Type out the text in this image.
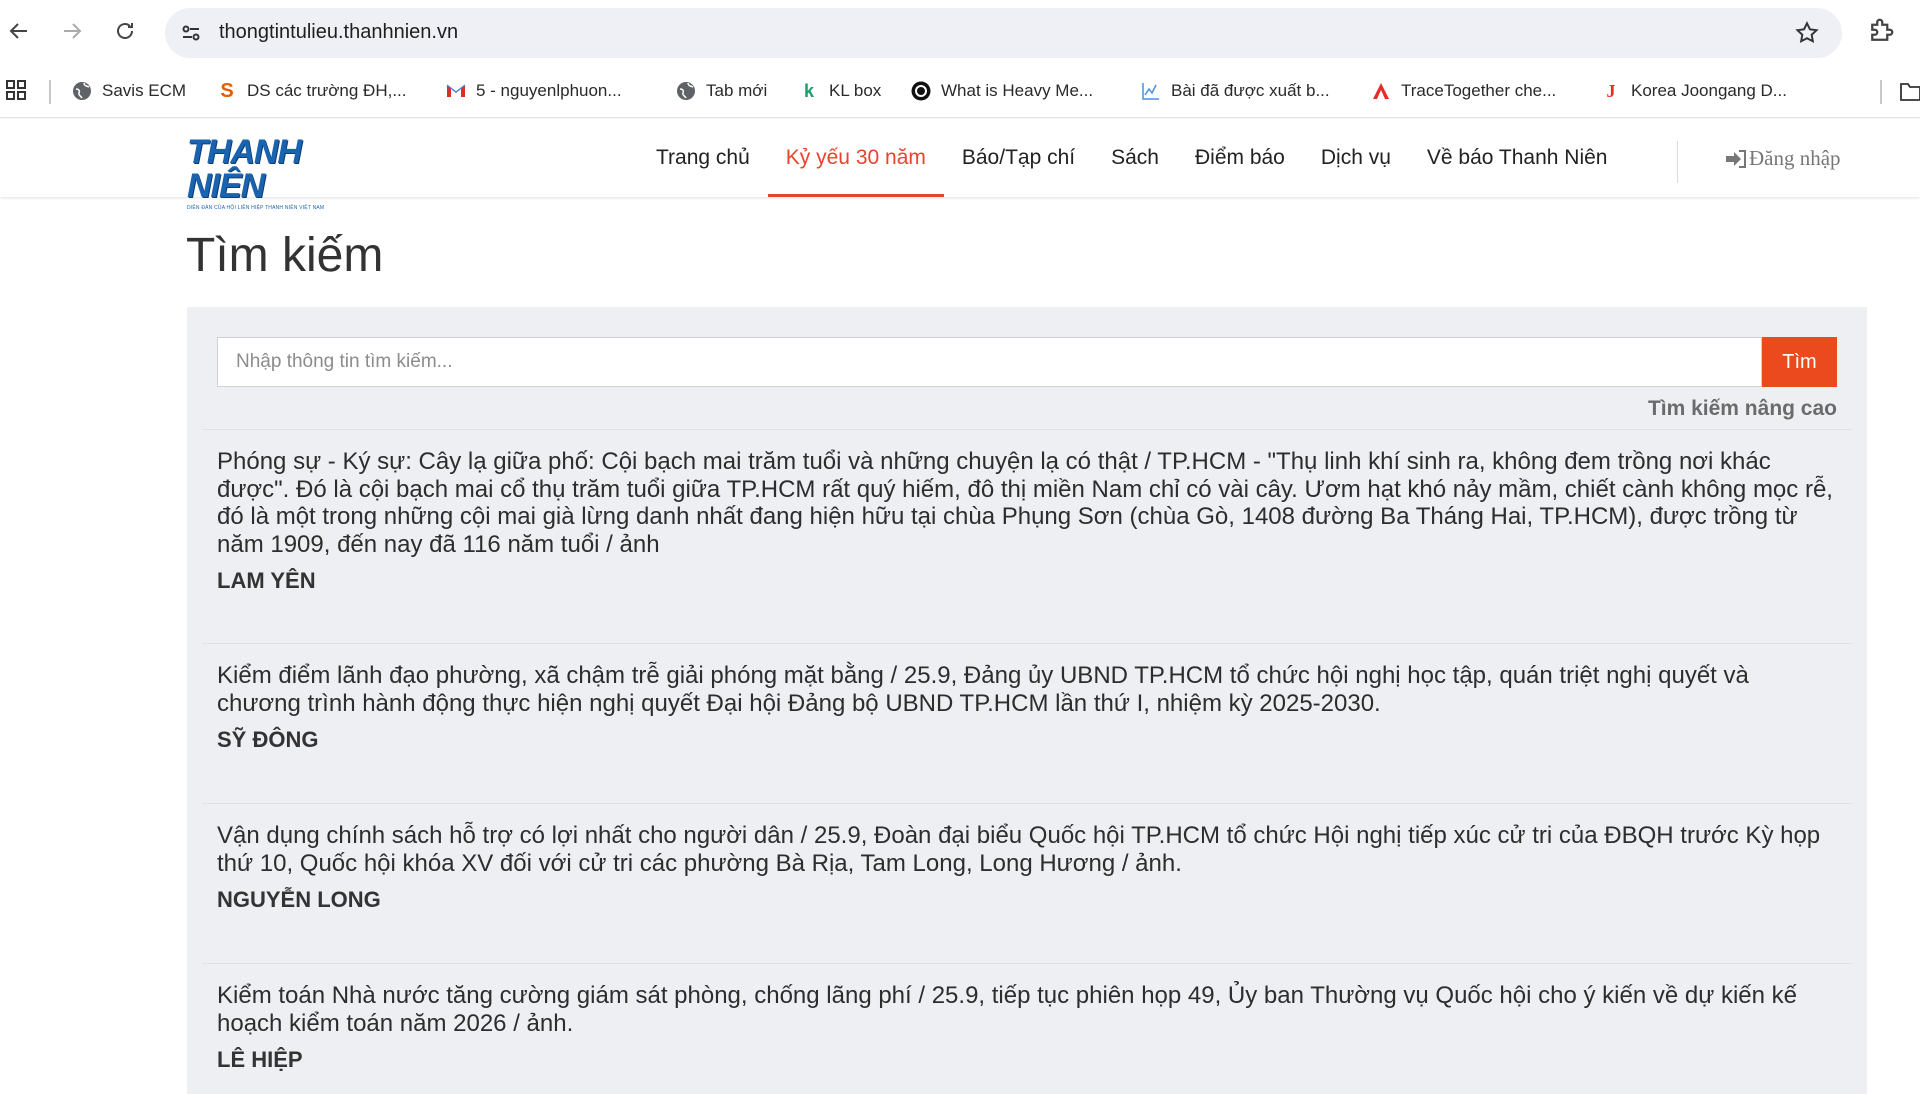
thongtintulieu.thanhnien.vn
Savis ECM S DS các trường ĐH,...	5 - nguyenlphuon...	Tab mới k KL box	What is Heavy Me...	Bài đã được xuất b...	TraceTogether che...	J Korea Joongang D...
THANH NIÊN
DIỄN ĐÀN CỦA HỘI LIÊN HIỆP THANH NIÊN VIỆT NAM
Trang chủ	Kỷ yếu 30 năm	Báo/Tạp chí	Sách	Điểm báo	Dịch vụ	Về báo Thanh Niên	Đăng nhập
Tìm kiếm
Nhập thông tin tìm kiếm...
Tìm
Tìm kiếm nâng cao
Phóng sự - Ký sự: Cây lạ giữa phố: Cội bạch mai trăm tuổi và những chuyện lạ có thật / TP.HCM - "Thụ linh khí sinh ra, không đem trồng nơi khác được". Đó là cội bạch mai cổ thụ trăm tuổi giữa TP.HCM rất quý hiếm, đô thị miền Nam chỉ có vài cây. Ươm hạt khó nảy mầm, chiết cành không mọc rễ, đó là một trong những cội mai già lừng danh nhất đang hiện hữu tại chùa Phụng Sơn (chùa Gò, 1408 đường Ba Tháng Hai, TP.HCM), được trồng từ năm 1909, đến nay đã 116 năm tuổi / ảnh
LAM YÊN
Kiểm điểm lãnh đạo phường, xã chậm trễ giải phóng mặt bằng / 25.9, Đảng ủy UBND TP.HCM tổ chức hội nghị học tập, quán triệt nghị quyết và chương trình hành động thực hiện nghị quyết Đại hội Đảng bộ UBND TP.HCM lần thứ I, nhiệm kỳ 2025-2030.
SỸ ĐÔNG
Vận dụng chính sách hỗ trợ có lợi nhất cho người dân / 25.9, Đoàn đại biểu Quốc hội TP.HCM tổ chức Hội nghị tiếp xúc cử tri của ĐBQH trước Kỳ họp thứ 10, Quốc hội khóa XV đối với cử tri các phường Bà Rịa, Tam Long, Long Hương / ảnh.
NGUYỄN LONG
Kiểm toán Nhà nước tăng cường giám sát phòng, chống lãng phí / 25.9, tiếp tục phiên họp 49, Ủy ban Thường vụ Quốc hội cho ý kiến về dự kiến kế hoạch kiểm toán năm 2026 / ảnh.
LÊ HIỆP
